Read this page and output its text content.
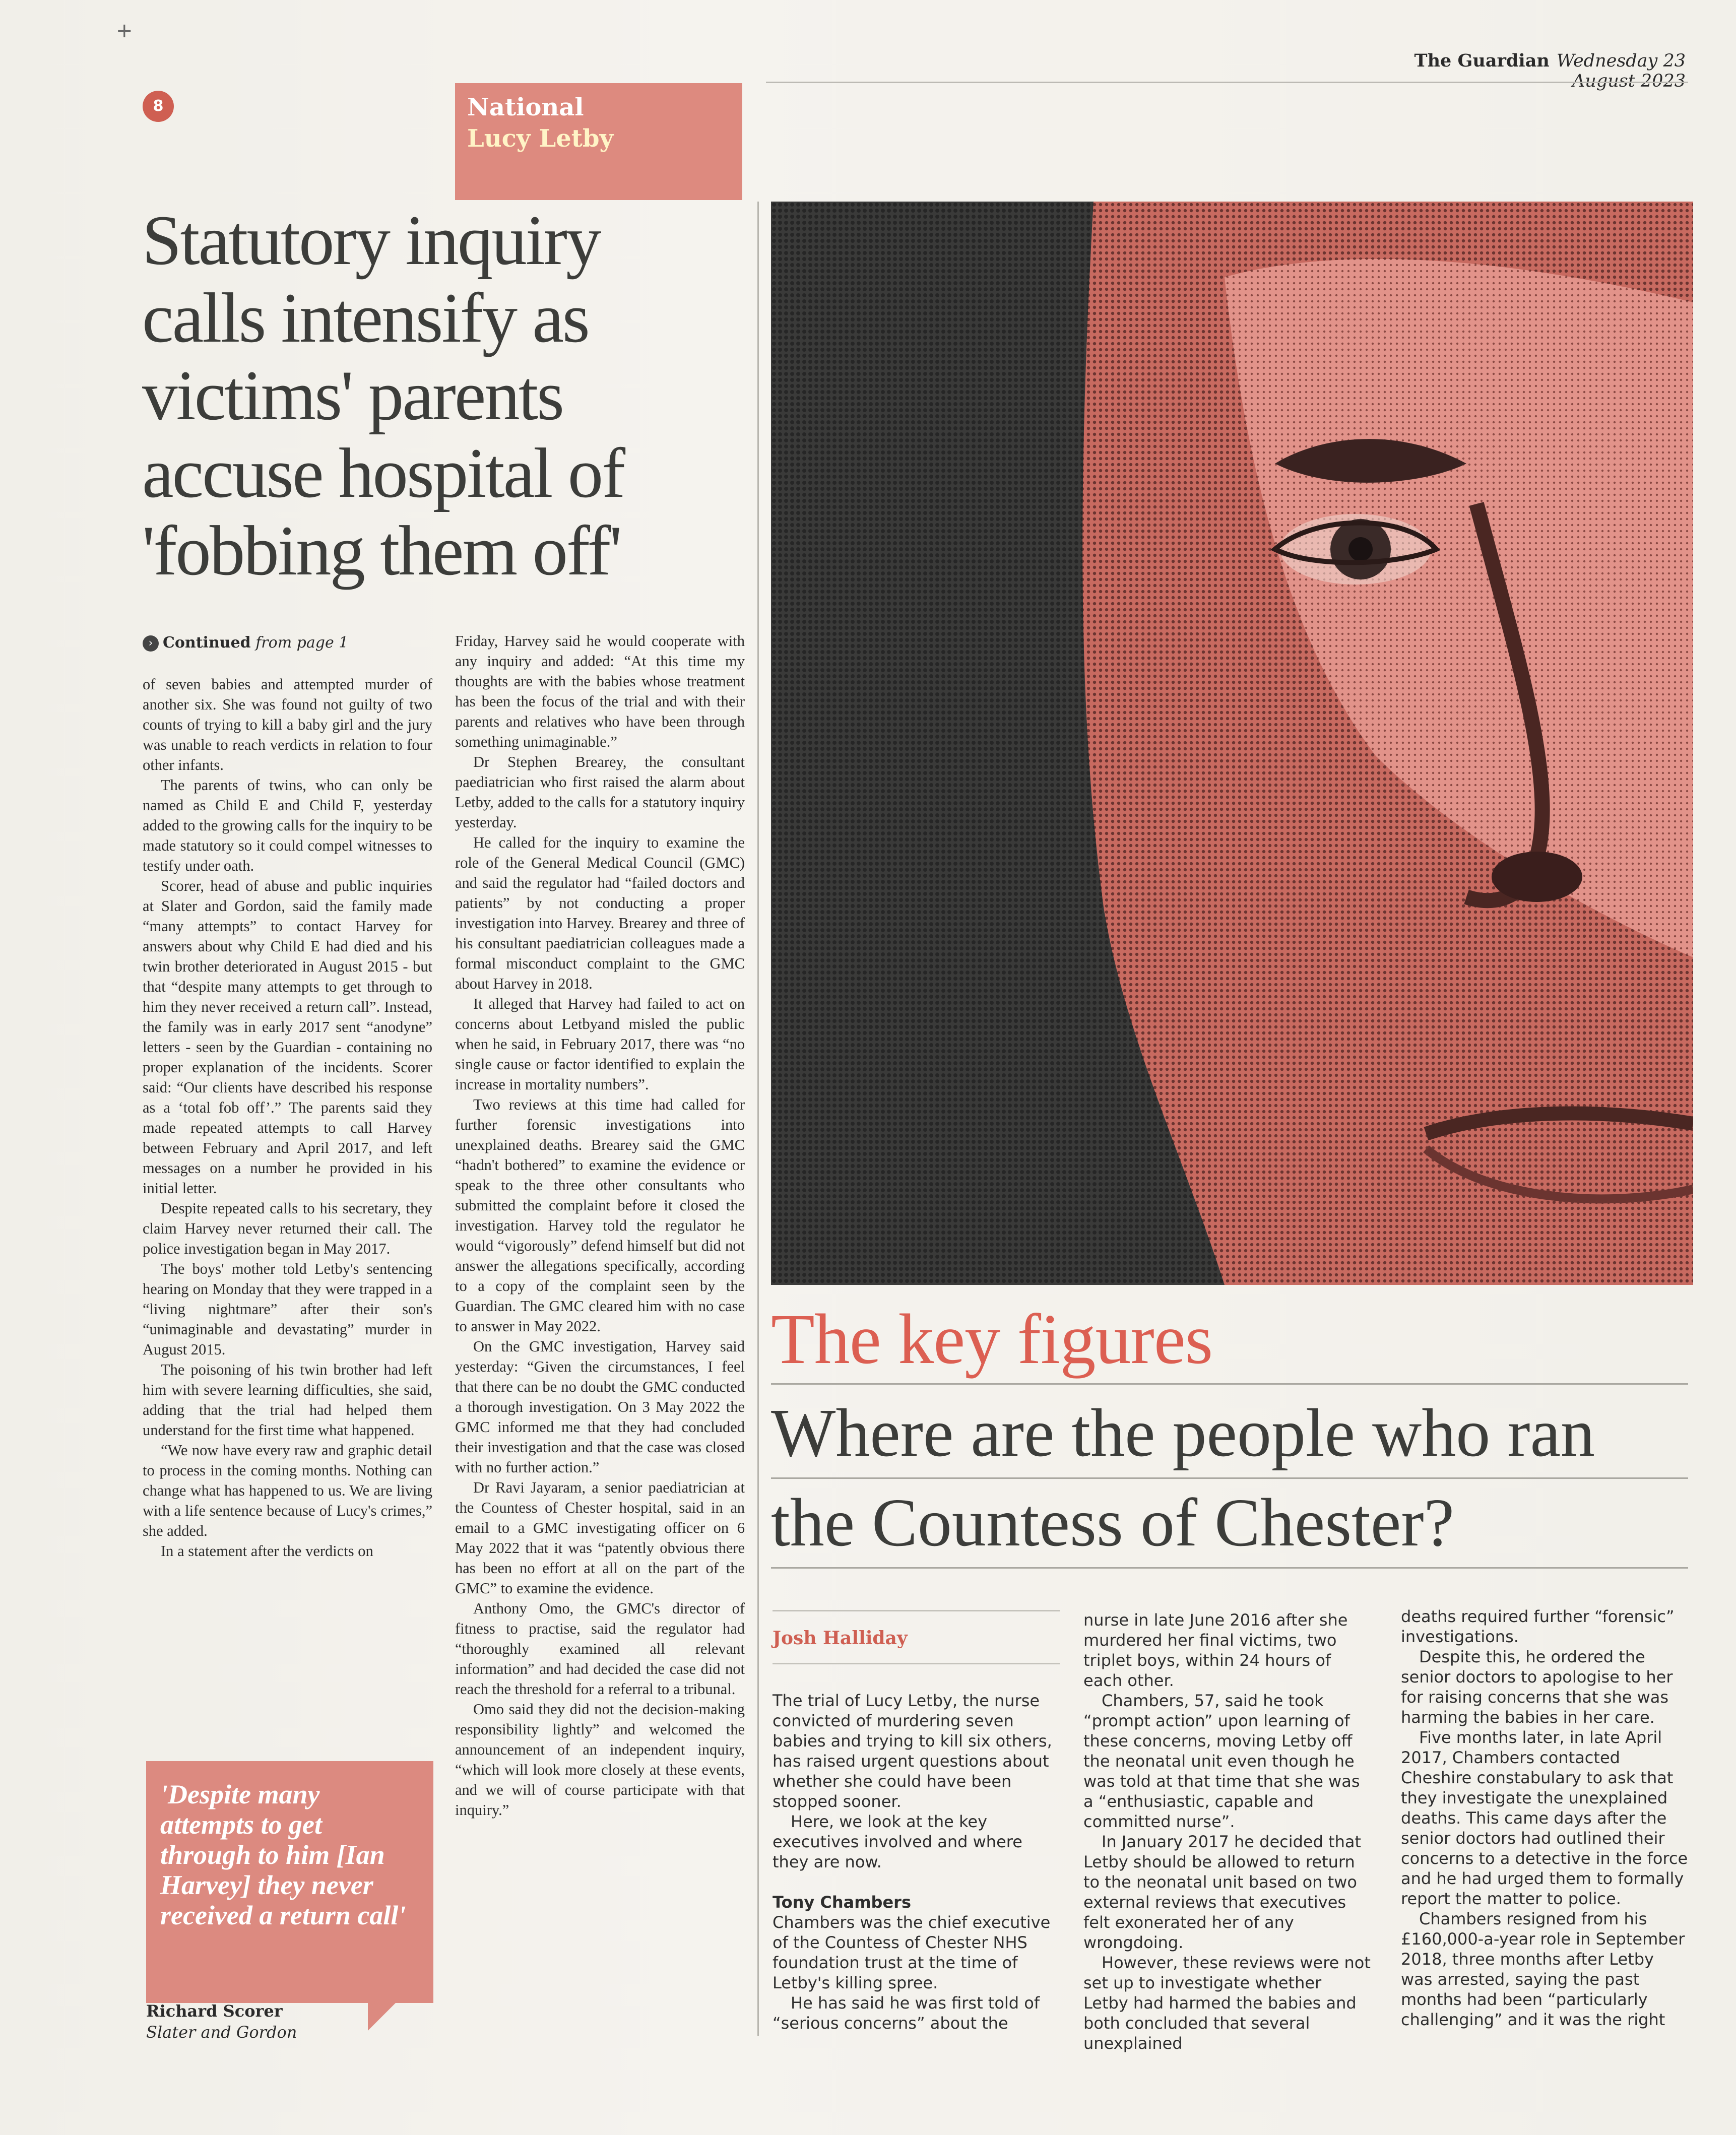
+
The Guardian Wednesday 23 August 2023
8	National
Lucy Letby
Statutory inquiry calls intensify as victims' parents accuse hospital of 'fobbing them off'
› Continued from page 1

of seven babies and attempted murder of another six. She was found not guilty of two counts of trying to kill a baby girl and the jury was unable to reach verdicts in relation to four other infants.

The parents of twins, who can only be named as Child E and Child F, yesterday added to the growing calls for the inquiry to be made statutory so it could compel witnesses to testify under oath.

Scorer, head of abuse and public inquiries at Slater and Gordon, said the family made “many attempts” to contact Harvey for answers about why Child E had died and his twin brother deteriorated in August 2015 - but that “despite many attempts to get through to him they never received a return call”. Instead, the family was in early 2017 sent “anodyne” letters - seen by the Guardian - containing no proper explanation of the incidents. Scorer said: “Our clients have described his response as a ‘total fob off’.” The parents said they made repeated attempts to call Harvey between February and April 2017, and left messages on a number he provided in his initial letter.

Despite repeated calls to his secretary, they claim Harvey never returned their call. The police investigation began in May 2017.

The boys' mother told Letby's sentencing hearing on Monday that they were trapped in a “living nightmare” after their son's “unimaginable and devastating” murder in August 2015.

The poisoning of his twin brother had left him with severe learning difficulties, she said, adding that the trial had helped them understand for the first time what happened.

“We now have every raw and graphic detail to process in the coming months. Nothing can change what has happened to us. We are living with a life sentence because of Lucy's crimes,” she added.

In a statement after the verdicts on

Friday, Harvey said he would cooperate with any inquiry and added: “At this time my thoughts are with the babies whose treatment has been the focus of the trial and with their parents and relatives who have been through something unimaginable.”

Dr Stephen Brearey, the consultant paediatrician who first raised the alarm about Letby, added to the calls for a statutory inquiry yesterday.

He called for the inquiry to examine the role of the General Medical Council (GMC) and said the regulator had “failed doctors and patients” by not conducting a proper investigation into Harvey. Brearey and three of his consultant paediatrician colleagues made a formal misconduct complaint to the GMC about Harvey in 2018.

It alleged that Harvey had failed to act on concerns about Letbyand misled the public when he said, in February 2017, there was “no single cause or factor identified to explain the increase in mortality numbers”.

Two reviews at this time had called for further forensic investigations into unexplained deaths. Brearey said the GMC “hadn't bothered” to examine the evidence or speak to the three other consultants who submitted the complaint before it closed the investigation. Harvey told the regulator he would “vigorously” defend himself but did not answer the allegations specifically, according to a copy of the complaint seen by the Guardian. The GMC cleared him with no case to answer in May 2022.

On the GMC investigation, Harvey said yesterday: “Given the circumstances, I feel that there can be no doubt the GMC conducted a thorough investigation. On 3 May 2022 the GMC informed me that they had concluded their investigation and that the case was closed with no further action.”

Dr Ravi Jayaram, a senior paediatrician at the Countess of Chester hospital, said in an email to a GMC investigating officer on 6 May 2022 that it was “patently obvious there has been no effort at all on the part of the GMC” to examine the evidence.

Anthony Omo, the GMC's director of fitness to practise, said the regulator had “thoroughly examined all relevant information” and had decided the case did not reach the threshold for a referral to a tribunal.

Omo said they did not the decision-making responsibility lightly” and welcomed the announcement of an independent inquiry, “which will look more closely at these events, and we will of course participate with that inquiry.”

'Despite many attempts to get through to him [Ian Harvey] they never received a return call'
Richard Scorer
Slater and Gordon
The key figures
Where are the people who ran the Countess of Chester?
Josh Halliday

The trial of Lucy Letby, the nurse convicted of murdering seven babies and trying to kill six others, has raised urgent questions about whether she could have been stopped sooner.

Here, we look at the key executives involved and where they are now.

Tony Chambers

Chambers was the chief executive of the Countess of Chester NHS foundation trust at the time of Letby's killing spree.

He has said he was first told of “serious concerns” about the

nurse in late June 2016 after she murdered her final victims, two triplet boys, within 24 hours of each other.

Chambers, 57, said he took “prompt action” upon learning of these concerns, moving Letby off the neonatal unit even though he was told at that time that she was a “enthusiastic, capable and committed nurse”.

In January 2017 he decided that Letby should be allowed to return to the neonatal unit based on two external reviews that executives felt exonerated her of any wrongdoing.

However, these reviews were not set up to investigate whether Letby had harmed the babies and both concluded that several unexplained

deaths required further “forensic” investigations.

Despite this, he ordered the senior doctors to apologise to her for raising concerns that she was harming the babies in her care.

Five months later, in late April 2017, Chambers contacted Cheshire constabulary to ask that they investigate the unexplained deaths. This came days after the senior doctors had outlined their concerns to a detective in the force and he had urged them to formally report the matter to police.

Chambers resigned from his £160,000-a-year role in September 2018, three months after Letby was arrested, saying the past months had been “particularly challenging” and it was the right
